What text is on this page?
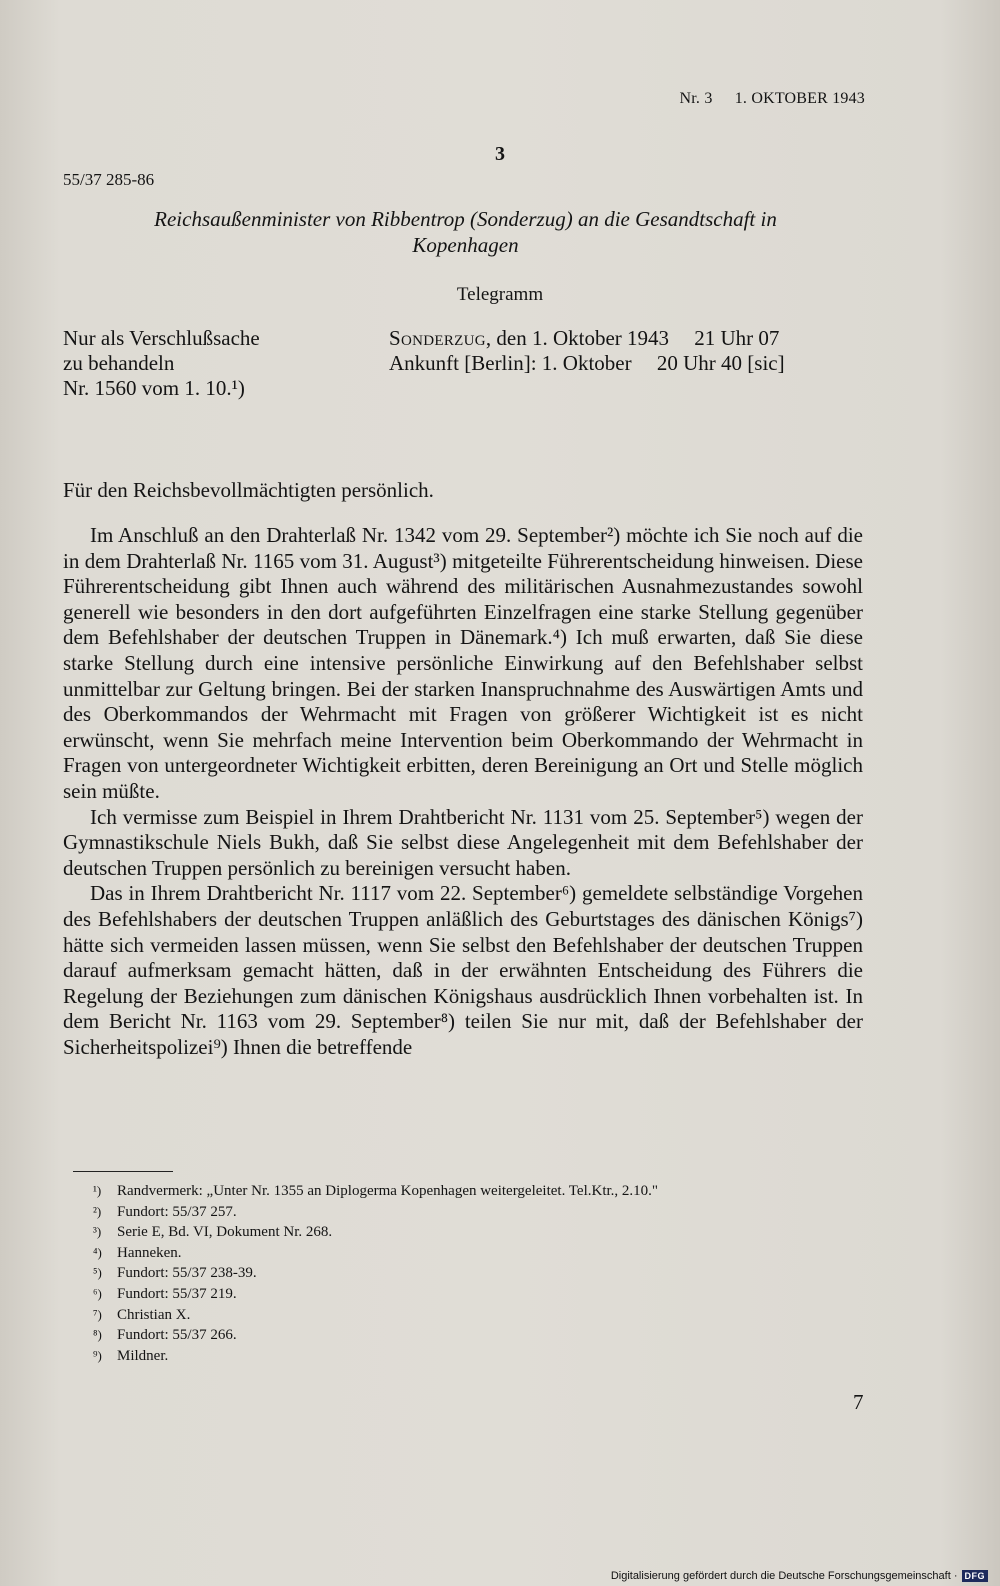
Nr. 3 1. OKTOBER 1943
3
55/37 285-86
Reichsaußenminister von Ribbentrop (Sonderzug) an die Gesandtschaft in
Kopenhagen
Telegramm
Nur als Verschlußsache
zu behandeln
Nr. 1560 vom 1. 10.¹)
Sonderzug, den 1. Oktober 1943 21 Uhr 07
Ankunft [Berlin]: 1. Oktober 20 Uhr 40 [sic]
Für den Reichsbevollmächtigten persönlich.

Im Anschluß an den Drahterlaß Nr. 1342 vom 29. September²) möchte ich Sie noch auf die in dem Drahterlaß Nr. 1165 vom 31. August³) mitgeteilte Führerentscheidung hinweisen. Diese Führerentscheidung gibt Ihnen auch während des militärischen Ausnahmezustandes sowohl generell wie besonders in den dort aufgeführten Einzelfragen eine starke Stellung gegenüber dem Befehlshaber der deutschen Truppen in Dänemark.⁴) Ich muß erwarten, daß Sie diese starke Stellung durch eine intensive persönliche Einwirkung auf den Befehlshaber selbst unmittelbar zur Geltung bringen. Bei der starken Inanspruchnahme des Auswärtigen Amts und des Oberkommandos der Wehrmacht mit Fragen von größerer Wichtigkeit ist es nicht erwünscht, wenn Sie mehrfach meine Intervention beim Oberkommando der Wehrmacht in Fragen von untergeordneter Wichtigkeit erbitten, deren Bereinigung an Ort und Stelle möglich sein müßte.

Ich vermisse zum Beispiel in Ihrem Drahtbericht Nr. 1131 vom 25. September⁵) wegen der Gymnastikschule Niels Bukh, daß Sie selbst diese Angelegenheit mit dem Befehlshaber der deutschen Truppen persönlich zu bereinigen versucht haben.

Das in Ihrem Drahtbericht Nr. 1117 vom 22. September⁶) gemeldete selbständige Vorgehen des Befehlshabers der deutschen Truppen anläßlich des Geburtstages des dänischen Königs⁷) hätte sich vermeiden lassen müssen, wenn Sie selbst den Befehlshaber der deutschen Truppen darauf aufmerksam gemacht hätten, daß in der erwähnten Entscheidung des Führers die Regelung der Beziehungen zum dänischen Königshaus ausdrücklich Ihnen vorbehalten ist. In dem Bericht Nr. 1163 vom 29. September⁸) teilen Sie nur mit, daß der Befehlshaber der Sicherheitspolizei⁹) Ihnen die betreffende

¹) Randvermerk: „Unter Nr. 1355 an Diplogerma Kopenhagen weitergeleitet. Tel.Ktr., 2.10."
²) Fundort: 55/37 257.
³) Serie E, Bd. VI, Dokument Nr. 268.
⁴) Hanneken.
⁵) Fundort: 55/37 238-39.
⁶) Fundort: 55/37 219.
⁷) Christian X.
⁸) Fundort: 55/37 266.
⁹) Mildner.
7
Digitalisierung gefördert durch die Deutsche Forschungsgemeinschaft · DFG
